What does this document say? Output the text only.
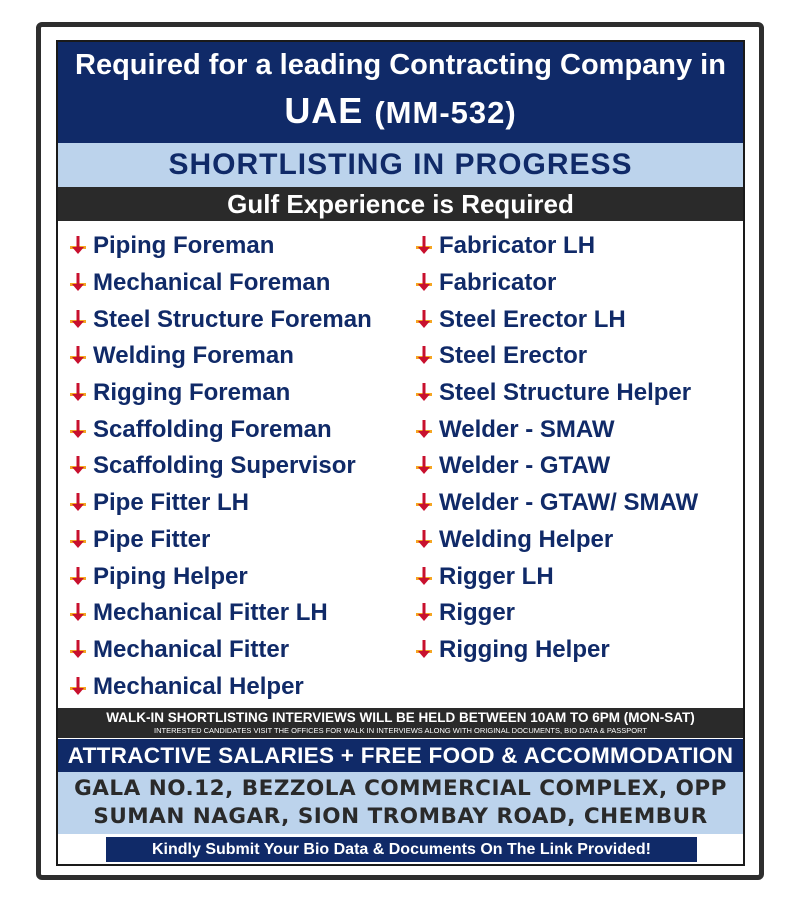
Required for a leading Contracting Company in
UAE (MM-532)
SHORTLISTING IN PROGRESS
Gulf Experience is Required
Piping Foreman
Mechanical Foreman
Steel Structure Foreman
Welding Foreman
Rigging Foreman
Scaffolding Foreman
Scaffolding Supervisor
Pipe Fitter LH
Pipe Fitter
Piping Helper
Mechanical Fitter LH
Mechanical Fitter
Mechanical Helper
Fabricator LH
Fabricator
Steel Erector LH
Steel Erector
Steel Structure Helper
Welder - SMAW
Welder - GTAW
Welder - GTAW/ SMAW
Welding Helper
Rigger LH
Rigger
Rigging Helper
WALK-IN SHORTLISTING INTERVIEWS WILL BE HELD BETWEEN 10AM TO 6PM (MON-SAT)
INTERESTED CANDIDATES VISIT THE OFFICES FOR WALK IN INTERVIEWS ALONG WITH ORIGINAL DOCUMENTS, BIO DATA & PASSPORT
ATTRACTIVE SALARIES + FREE FOOD & ACCOMMODATION
GALA NO.12, BEZZOLA COMMERCIAL COMPLEX, OPP
SUMAN NAGAR, SION TROMBAY ROAD, CHEMBUR
Kindly Submit Your Bio Data & Documents On The Link Provided!
